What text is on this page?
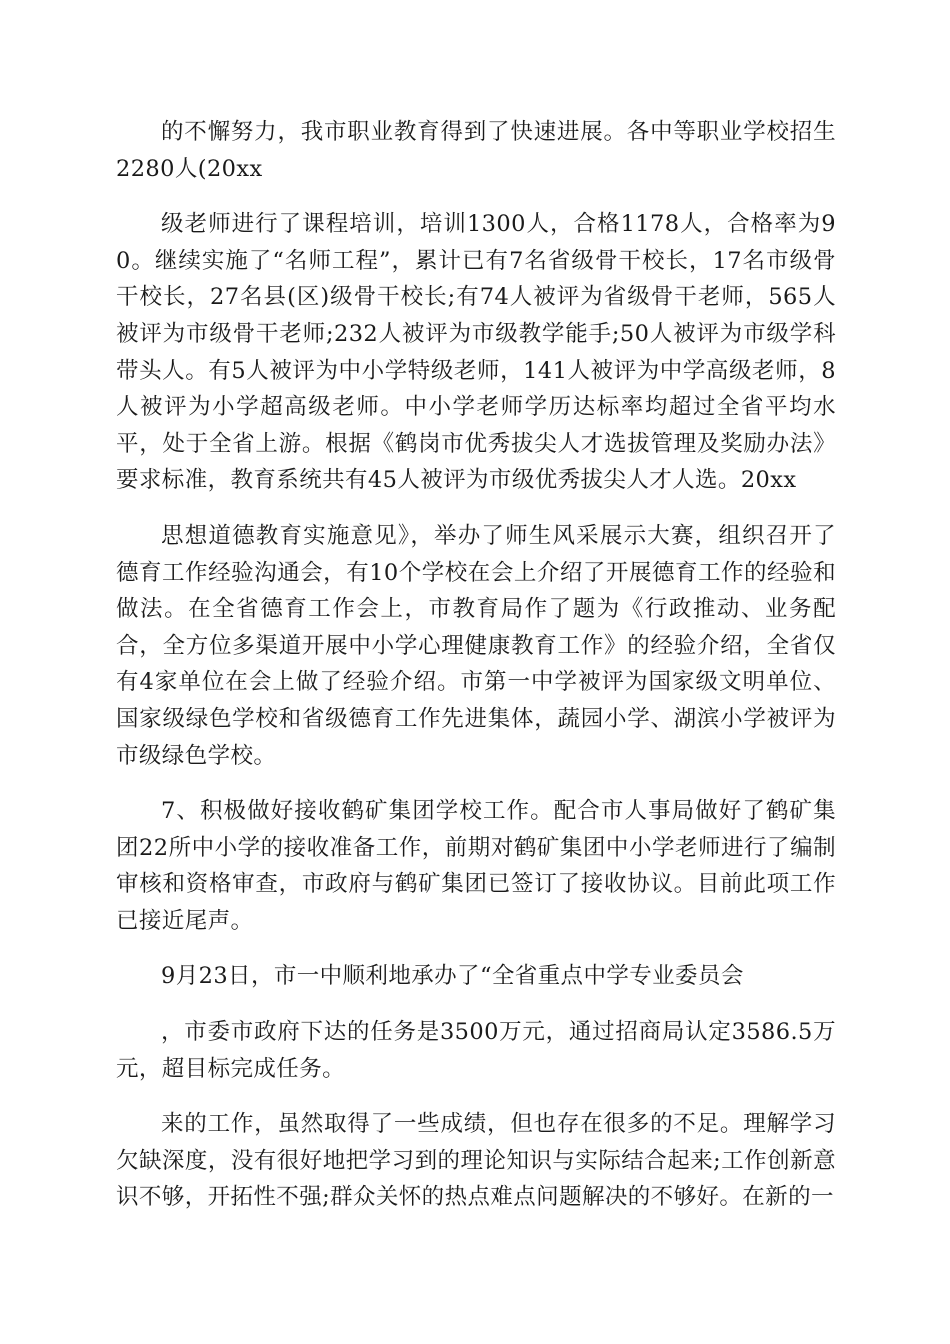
的不懈努力，我市职业教育得到了快速进展。各中等职业学校招生2280人(20xx

级老师进行了课程培训，培训1300人，合格1178人，合格率为90。继续实施了“名师工程”，累计已有7名省级骨干校长，17名市级骨干校长，27名县(区)级骨干校长;有74人被评为省级骨干老师，565人被评为市级骨干老师;232人被评为市级教学能手;50人被评为市级学科带头人。有5人被评为中小学特级老师，141人被评为中学高级老师，8人被评为小学超高级老师。中小学老师学历达标率均超过全省平均水平，处于全省上游。根据《鹤岗市优秀拔尖人才选拔管理及奖励办法》要求标准，教育系统共有45人被评为市级优秀拔尖人才人选。20xx

思想道德教育实施意见》，举办了师生风采展示大赛，组织召开了德育工作经验沟通会，有10个学校在会上介绍了开展德育工作的经验和做法。在全省德育工作会上，市教育局作了题为《行政推动、业务配合，全方位多渠道开展中小学心理健康教育工作》的经验介绍，全省仅有4家单位在会上做了经验介绍。市第一中学被评为国家级文明单位、国家级绿色学校和省级德育工作先进集体，蔬园小学、湖滨小学被评为市级绿色学校。

7、积极做好接收鹤矿集团学校工作。配合市人事局做好了鹤矿集团22所中小学的接收准备工作，前期对鹤矿集团中小学老师进行了编制审核和资格审查，市政府与鹤矿集团已签订了接收协议。目前此项工作已接近尾声。

9月23日，市一中顺利地承办了“全省重点中学专业委员会

，市委市政府下达的任务是3500万元，通过招商局认定3586.5万元，超目标完成任务。

来的工作，虽然取得了一些成绩，但也存在很多的不足。理解学习欠缺深度，没有很好地把学习到的理论知识与实际结合起来;工作创新意识不够，开拓性不强;群众关怀的热点难点问题解决的不够好。在新的一
